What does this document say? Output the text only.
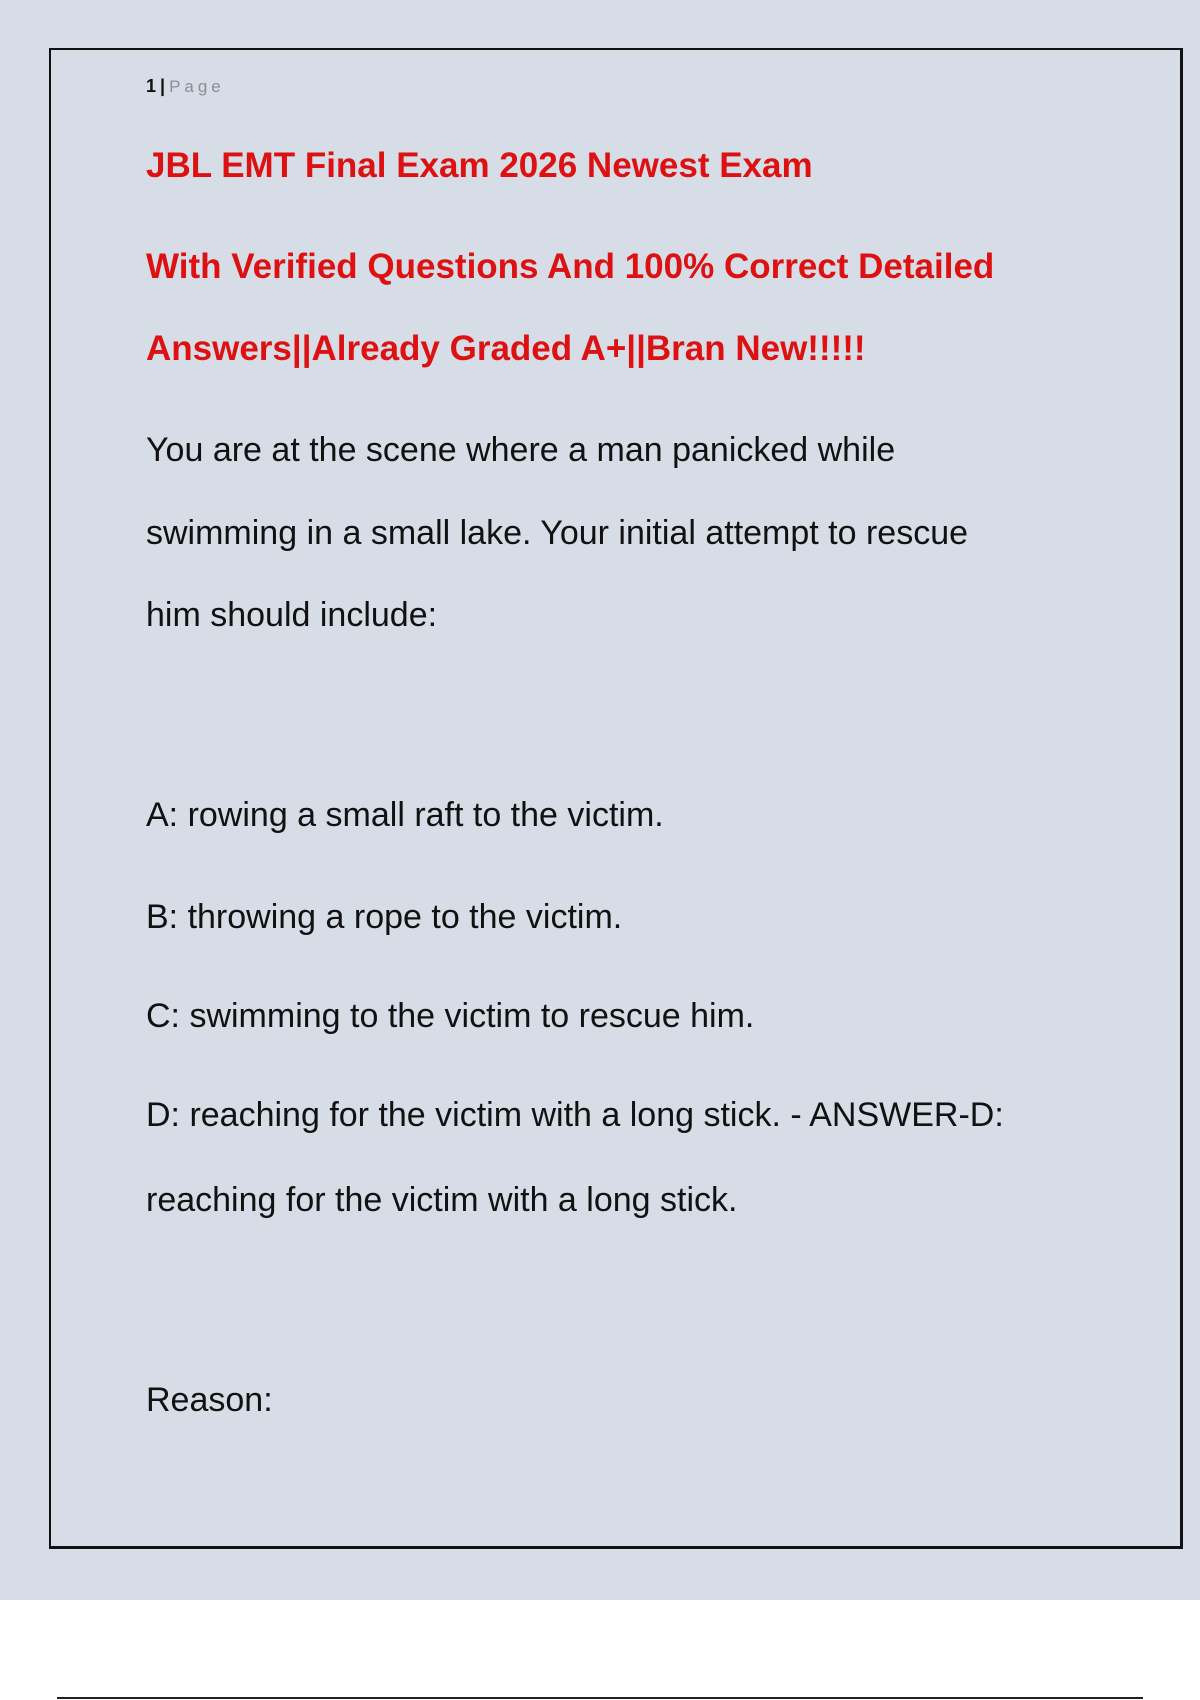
1 | Page
JBL EMT Final Exam 2026 Newest Exam
With Verified Questions And 100% Correct Detailed
Answers||Already Graded A+||Bran New!!!!!
You are at the scene where a man panicked while
swimming in a small lake. Your initial attempt to rescue
him should include:
A: rowing a small raft to the victim.
B: throwing a rope to the victim.
C: swimming to the victim to rescue him.
D: reaching for the victim with a long stick. - ANSWER-D:
reaching for the victim with a long stick.
Reason:
